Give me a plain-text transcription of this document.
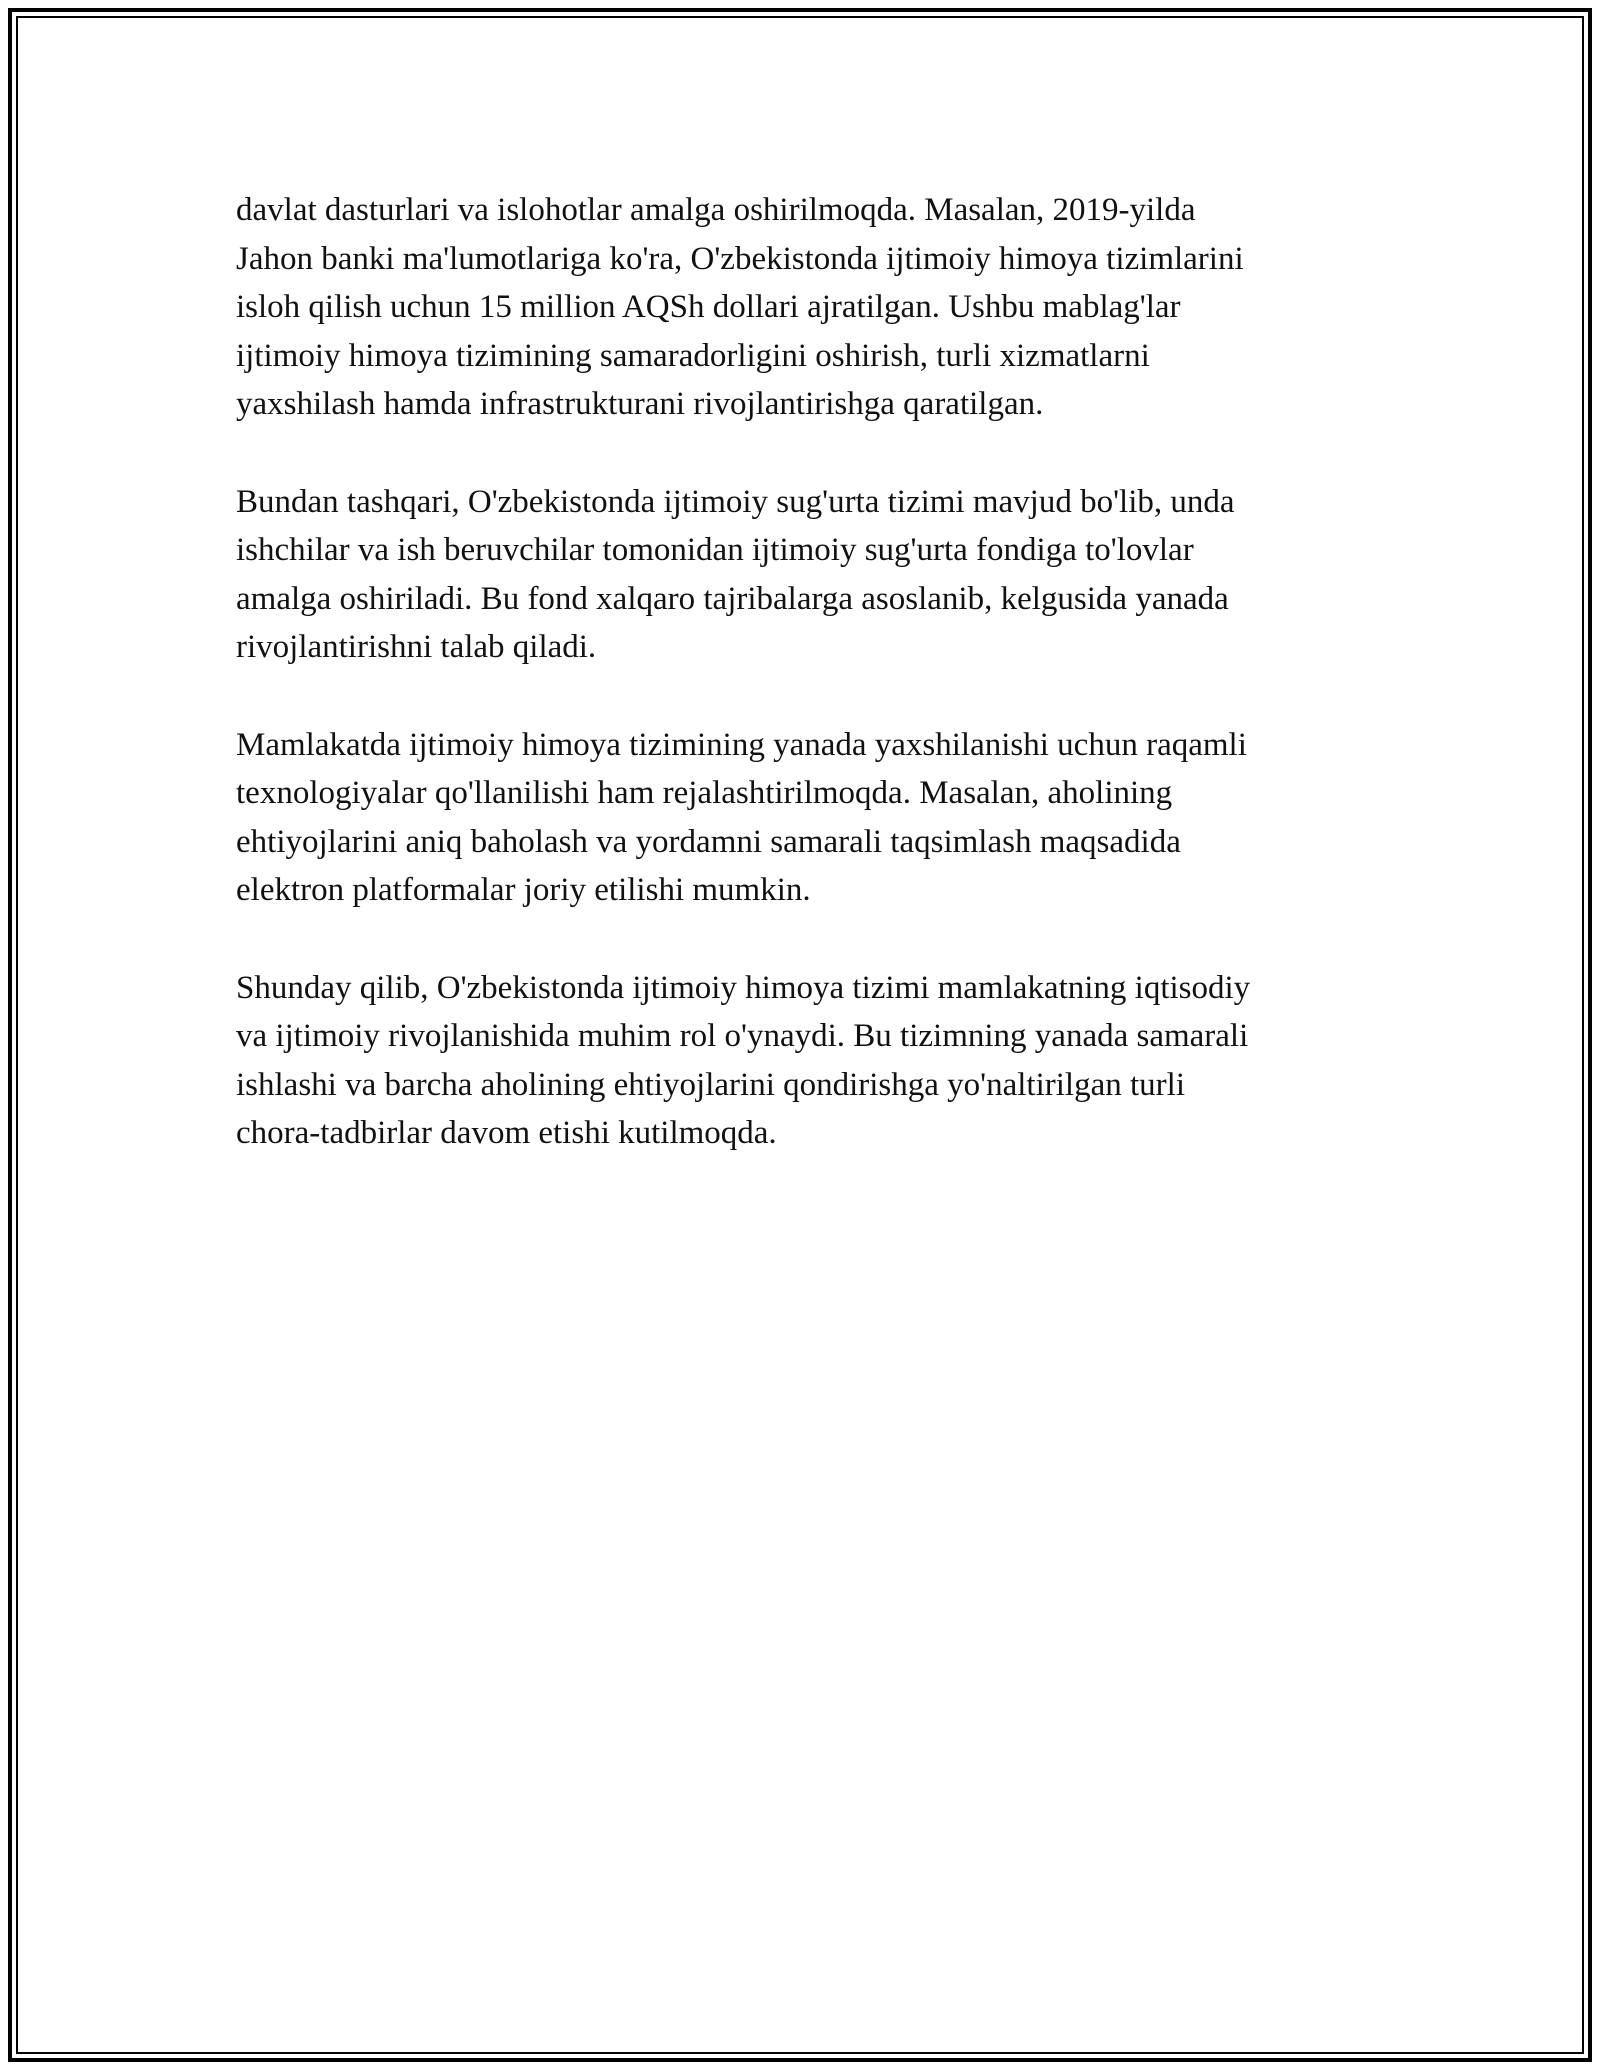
davlat dasturlari va islohotlar amalga oshirilmoqda. Masalan, 2019-yilda
Jahon banki ma'lumotlariga ko'ra, O'zbekistonda ijtimoiy himoya tizimlarini
isloh qilish uchun 15 million AQSh dollari ajratilgan. Ushbu mablag'lar
ijtimoiy himoya tizimining samaradorligini oshirish, turli xizmatlarni
yaxshilash hamda infrastrukturani rivojlantirishga qaratilgan.

Bundan tashqari, O'zbekistonda ijtimoiy sug'urta tizimi mavjud bo'lib, unda
ishchilar va ish beruvchilar tomonidan ijtimoiy sug'urta fondiga to'lovlar
amalga oshiriladi. Bu fond xalqaro tajribalarga asoslanib, kelgusida yanada
rivojlantirishni talab qiladi.

Mamlakatda ijtimoiy himoya tizimining yanada yaxshilanishi uchun raqamli
texnologiyalar qo'llanilishi ham rejalashtirilmoqda. Masalan, aholining
ehtiyojlarini aniq baholash va yordamni samarali taqsimlash maqsadida
elektron platformalar joriy etilishi mumkin.

Shunday qilib, O'zbekistonda ijtimoiy himoya tizimi mamlakatning iqtisodiy
va ijtimoiy rivojlanishida muhim rol o'ynaydi. Bu tizimning yanada samarali
ishlashi va barcha aholining ehtiyojlarini qondirishga yo'naltirilgan turli
chora-tadbirlar davom etishi kutilmoqda.
